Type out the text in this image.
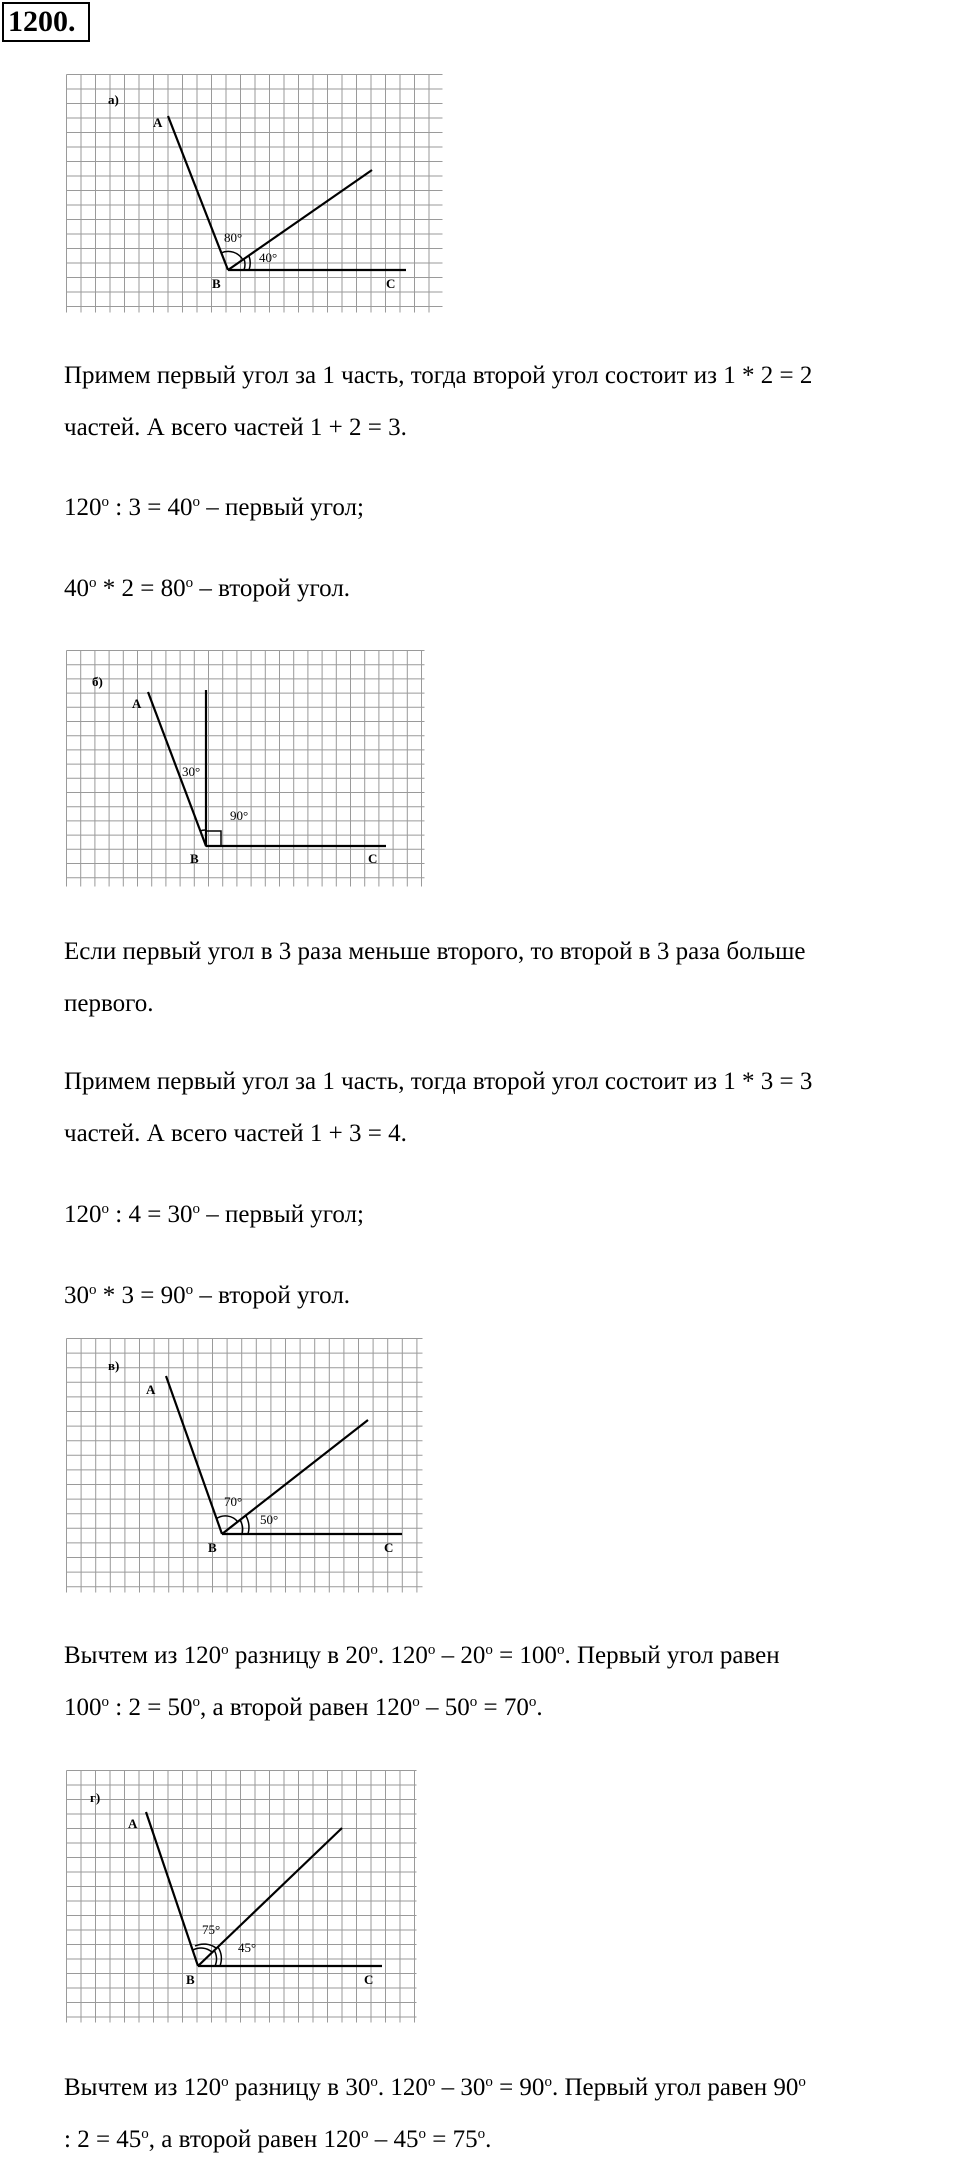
1200.
а)
A
B	C
80°
40°
Примем первый угол за 1 часть, тогда второй угол состоит из 1 * 2 = 2
частей. А всего частей 1 + 2 = 3.
120$^o$ : $3 = 40^o$ – первый угол;
$40^o * 2 = 80^o$ – второй угол.
б)
A
B	C
30°
90°
Если первый угол в 3 раза меньше второго, то второй в 3 раза больше
первого.
Примем первый угол за 1 часть, тогда второй угол состоит из 1 * 3 = 3
частей. А всего частей 1 + 3 = 4.
120$^o$ : $4 = 30^o$ – первый угол;
$30^o * 3 = 90^o$ – второй угол.
в)
A
B	C
70°
50°
Вычтем из 120$^o$ разницу в 20$^o$. $120^o - 20^o = 100^o$. Первый угол равен
100$^o$ : $2 = 50^o$, а второй равен $120^o - 50^o = 70^o$.
г)
A
B	C
75°
45°
Вычтем из 120$^o$ разницу в 30$^o$. $120^o - 30^o = 90^o$. Первый угол равен 90$^o$
: $2 = 45^o$, а второй равен $120^o - 45^o = 75^o$.
